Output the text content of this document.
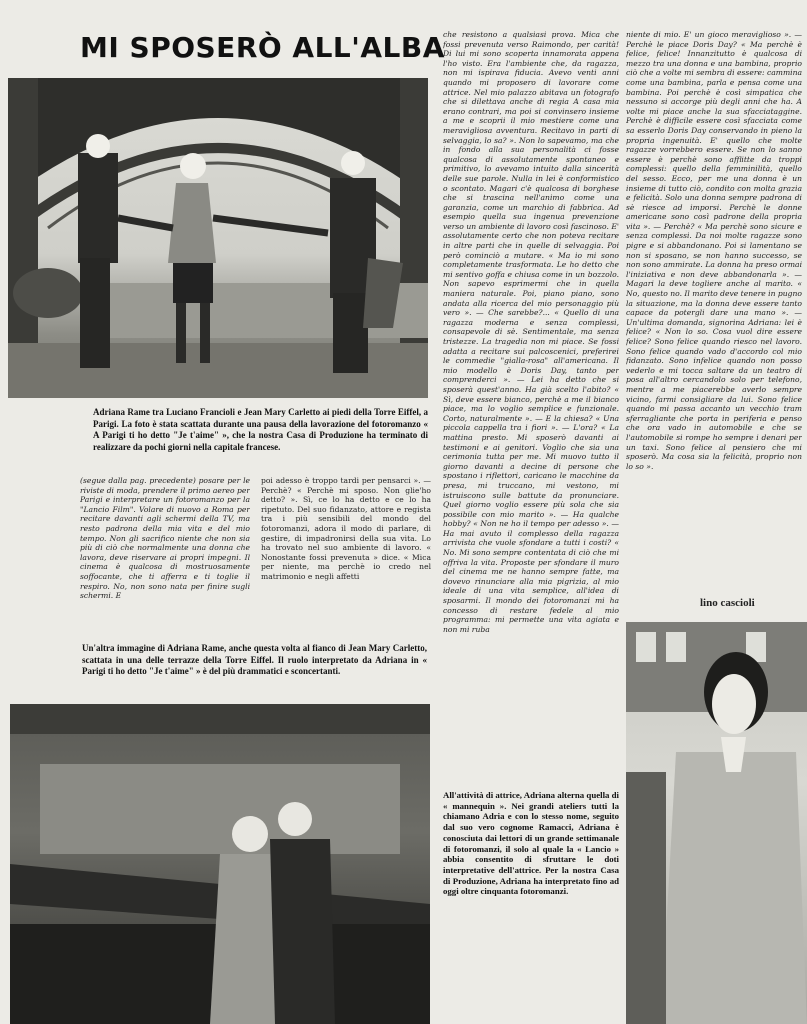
MI SPOSERÒ ALL'ALBA
Adriana Rame tra Luciano Francioli e Jean Mary Carletto ai piedi della Torre Eiffel, a Parigi. La foto è stata scattata durante una pausa della lavorazione del fotoromanzo « A Parigi ti ho detto "Je t'aime" », che la nostra Casa di Produzione ha terminato di realizzare da pochi giorni nella capitale francese.

(segue dalla pag. precedente) posare per le riviste di moda, prendere il primo aereo per Parigi e interpretare un fotoromanzo per la "Lancio Film". Volare di nuovo a Roma per recitare davanti agli schermi della TV, ma resto padrona della mia vita e del mio tempo. Non gli sacrifico niente che non sia più di ciò che normalmente una donna che lavora, deve riservare ai propri impegni. Il cinema è qualcosa di mostruosamente soffocante, che ti afferra e ti toglie il respiro. No, non sono nata per finire sugli schermi. E

poi adesso è troppo tardi per pensarci ». — Perchè? « Perchè mi sposo. Non glie'ho detto? ». Sì, ce lo ha detto e ce lo ha ripetuto. Del suo fidanzato, attore e regista tra i più sensibili del mondo del fotoromanzi, adora il modo di parlare, di gestire, di impadronirsi della sua vita. Lo ha trovato nel suo ambiente di lavoro. « Nonostante fossi prevenuta » dice. « Mica per niente, ma perchè io credo nel matrimonio e negli affetti

Un'altra immagine di Adriana Rame, anche questa volta al fianco di Jean Mary Carletto, scattata in una delle terrazze della Torre Eiffel. Il ruolo interpretato da Adriana in « Parigi ti ho detto "Je t'aime" » è del più drammatici e sconcertanti.

che resistono a qualsiasi prova. Mica che fossi prevenuta verso Raimondo, per carità! Di lui mi sono scoperta innamorata appena l'ho visto. Era l'ambiente che, da ragazza, non mi ispirava fiducia. Avevo venti anni quando mi proposero di lavorare come attrice. Nel mio palazzo abitava un fotografo che si dilettava anche di regia A casa mia erano contrari, ma poi si convinsero insieme a me e scoprii il mio mestiere come una meravigliosa avventura. Recitavo in parti di selvaggia, lo sa? ». Non lo sapevamo, ma che in fondo alla sua personalità ci fosse qualcosa di assolutamente spontaneo e primitivo, lo avevamo intuito dalla sincerità delle sue parole. Nulla in lei è conformistico o scontato. Magari c'è qualcosa di borghese che si trascina nell'animo come una garanzia, come un marchio di fabbrica. Ad esempio quella sua ingenua prevenzione verso un ambiente di lavoro così fascinoso. E' assolutamente certo che non poteva recitare in altre parti che in quelle di selvaggia. Poi però cominciò a mutare. « Ma io mi sono completamente trasformata. Le ho detto che mi sentivo goffa e chiusa come in un bozzolo. Non sapevo esprimermi che in quella maniera naturale. Poi, piano piano, sono andata alla ricerca del mio personaggio più vero ». — Che sarebbe?... « Quello di una ragazza moderna e senza complessi, consapevole di sè. Sentimentale, ma senza tristezze. La tragedia non mi piace. Se fossi adatta a recitare sui palcoscenici, preferirei le commedie "gialla-rosa" all'americana. Il mio modello è Doris Day, tanto per comprenderci ». — Lei ha detto che si sposerà quest'anno. Ha già scelto l'abito? « Sì, deve essere bianco, perchè a me il bianco piace, ma lo voglio semplice e funzionale. Corto, naturalmente ». — E la chiesa? « Una piccola cappella tra i fiori ». — L'ora? « La mattina presto. Mi sposerò davanti ai testimoni e ai genitori. Voglio che sia una cerimonia tutta per me. Mi muovo tutto il giorno davanti a decine di persone che spostano i riflettori, caricano le macchine da presa, mi truccano, mi vestono, mi istruiscono sulle battute da pronunciare. Quel giorno voglio essere più sola che sia possibile con mio marito ». — Ha qualche hobby? « Non ne ho il tempo per adesso ». — Ha mai avuto il complesso della ragazza arrivista che vuole sfondare a tutti i costi? « No. Mi sono sempre contentata di ciò che mi offriva la vita. Proposte per sfondare il muro del cinema me ne hanno sempre fatte, ma dovevo rinunciare alla mia pigrizia, al mio ideale di una vita semplice, all'idea di sposarmi. Il mondo dei fotoromanzi mi ha concesso di restare fedele al mio programma: mi permette una vita agiata e non mi ruba

All'attività di attrice, Adriana alterna quella di « mannequin ». Nei grandi ateliers tutti la chiamano Adria e con lo stesso nome, seguito dal suo vero cognome Ramacci, Adriana è conosciuta dai lettori di un grande settimanale di fotoromanzi, il solo al quale la « Lancio » abbia consentito di sfruttare le doti interpretative dell'attrice. Per la nostra Casa di Produzione, Adriana ha interpretato fino ad oggi oltre cinquanta fotoromanzi.

niente di mio. E' un gioco meraviglioso ». — Perchè le piace Doris Day? « Ma perchè è felice, felice! Innanzitutto è qualcosa di mezzo tra una donna e una bambina, proprio ciò che a volte mi sembra di essere: cammina come una bambina, parla e pensa come una bambina. Poi perchè è così simpatica che nessuno si accorge più degli anni che ha. A volte mi piace anche la sua sfacciataggine. Perchè è difficile essere così sfacciata come sa esserlo Doris Day conservando in pieno la propria ingenuità. E' quello che molte ragazze vorrebbero essere. Se non lo sanno essere è perchè sono afflitte da troppi complessi: quello della femminilità, quello del sesso. Ecco, per me una donna è un insieme di tutto ciò, condito con molta grazia e felicità. Solo una donna sempre padrona di sè riesce ad imporsi. Perchè le donne americane sono così padrone della propria vita ». — Perchè? « Ma perchè sono sicure e senza complessi. Da noi molte ragazze sono pigre e si abbandonano. Poi si lamentano se non si sposano, se non hanno successo, se non sono ammirate. La donna ha preso ormai l'iniziativa e non deve abbandonarla ». — Magari la deve togliere anche al marito. « No, questo no. Il marito deve tenere in pugno la situazione, ma la donna deve essere tanto capace da potergli dare una mano ». — Un'ultima domanda, signorina Adriana: lei è felice? « Non lo so. Cosa vuol dire essere felice? Sono felice quando riesco nel lavoro. Sono felice quando vado d'accordo col mio fidanzato. Sono infelice quando non posso vederlo e mi tocca saltare da un teatro di posa all'altro cercandolo solo per telefono, mentre a me piacerebbe averlo sempre vicino, farmi consigliare da lui. Sono felice quando mi passa accanto un vecchio tram sferragliante che porta in periferia e penso che ora vado in automobile e che se l'automobile si rompe ho sempre i denari per un taxi. Sono felice al pensiero che mi sposerò. Ma cosa sia la felicità, proprio non lo so ».

lino cascioli
